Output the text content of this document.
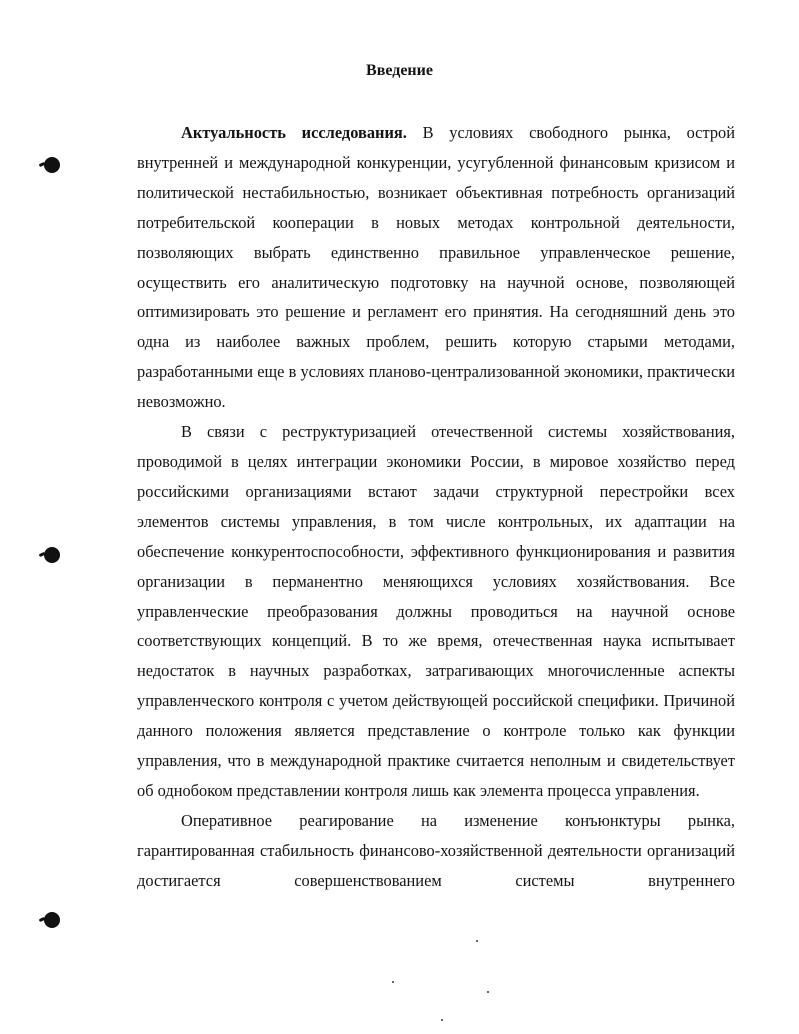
Введение

Актуальность исследования. В условиях свободного рынка, острой внутренней и международной конкуренции, усугубленной финансовым кризисом и политической нестабильностью, возникает объективная потребность организаций потребительской кооперации в новых методах контрольной деятельности, позволяющих выбрать единственно правильное управленческое решение, осуществить его аналитическую подготовку на научной основе, позволяющей оптимизировать это решение и регламент его принятия. На сегодняшний день это одна из наиболее важных проблем, решить которую старыми методами, разработанными еще в условиях планово-централизованной экономики, практически невозможно.

В связи с реструктуризацией отечественной системы хозяйствования, проводимой в целях интеграции экономики России, в мировое хозяйство перед российскими организациями встают задачи структурной перестройки всех элементов системы управления, в том числе контрольных, их адаптации на обеспечение конкурентоспособности, эффективного функционирования и развития организации в перманентно меняющихся условиях хозяйствования. Все управленческие преобразования должны проводиться на научной основе соответствующих концепций. В то же время, отечественная наука испытывает недостаток в научных разработках, затрагивающих многочисленные аспекты управленческого контроля с учетом действующей российской специфики. Причиной данного положения является представление о контроле только как функции управления, что в международной практике считается неполным и свидетельствует об однобоком представлении контроля лишь как элемента процесса управления.

Оперативное реагирование на изменение конъюнктуры рынка, гарантированная стабильность финансово-хозяйственной деятельности организаций достигается совершенствованием системы внутреннего
